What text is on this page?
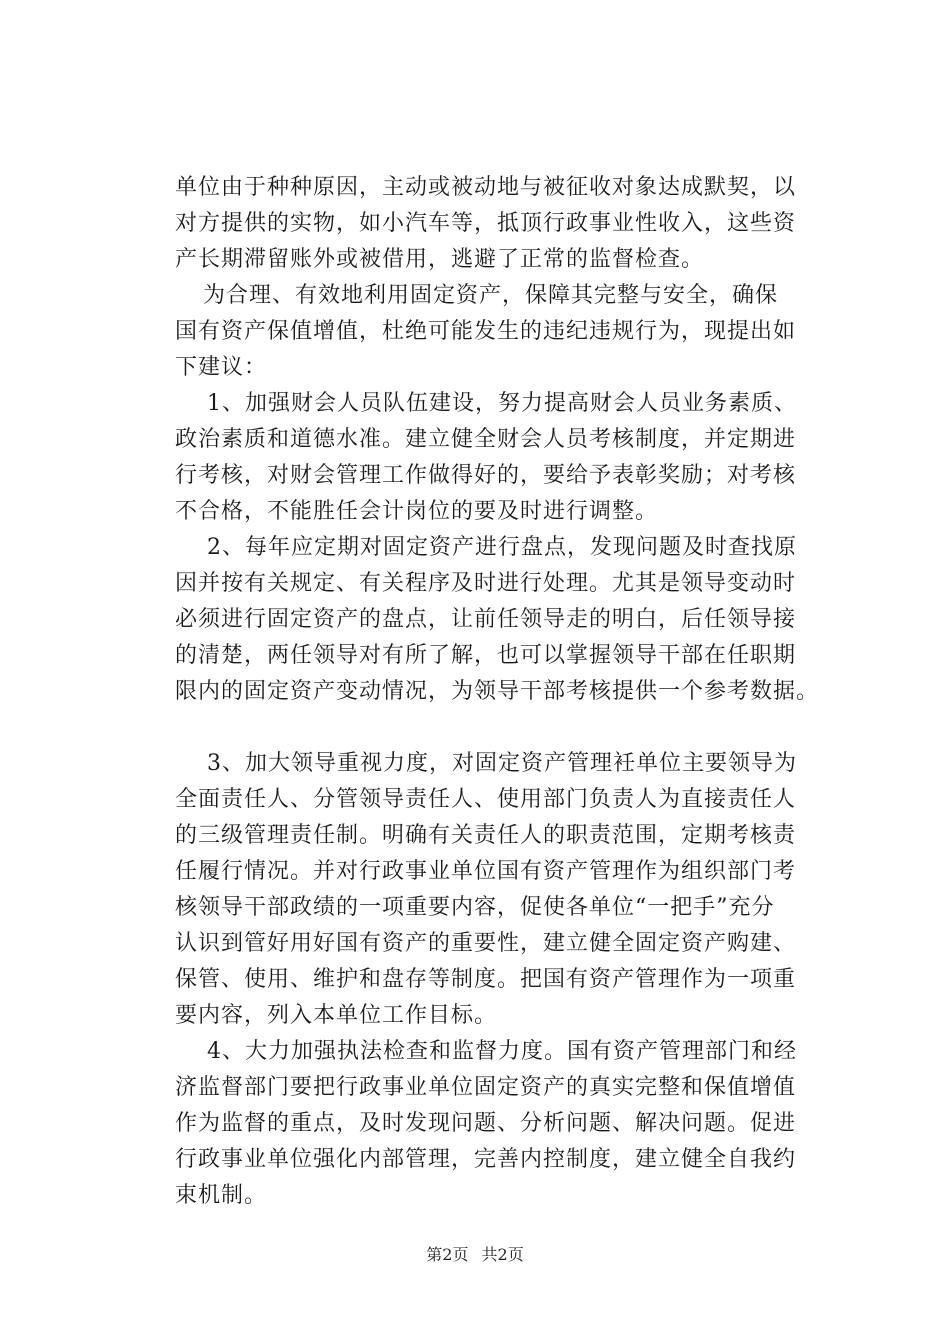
单位由于种种原因，主动或被动地与被征收对象达成默契，以
对方提供的实物，如小汽车等，抵顶行政事业性收入，这些资
产长期滞留账外或被借用，逃避了正常的监督检查。
为合理、有效地利用固定资产，保障其完整与安全，确保
国有资产保值增值，杜绝可能发生的违纪违规行为，现提出如
下建议：
1、加强财会人员队伍建设，努力提高财会人员业务素质、
政治素质和道德水准。建立健全财会人员考核制度，并定期进
行考核，对财会管理工作做得好的，要给予表彰奖励；对考核
不合格，不能胜任会计岗位的要及时进行调整。
2、每年应定期对固定资产进行盘点，发现问题及时查找原
因并按有关规定、有关程序及时进行处理。尤其是领导变动时
必须进行固定资产的盘点，让前任领导走的明白，后任领导接
的清楚，两任领导对有所了解，也可以掌握领导干部在任职期
限内的固定资产变动情况，为领导干部考核提供一个参考数据。
3、加大领导重视力度，对固定资产管理衽单位主要领导为
全面责任人、分管领导责任人、使用部门负责人为直接责任人
的三级管理责任制。明确有关责任人的职责范围，定期考核责
任履行情况。并对行政事业单位国有资产管理作为组织部门考
核领导干部政绩的一项重要内容，促使各单位“一把手”充分
认识到管好用好国有资产的重要性，建立健全固定资产购建、
保管、使用、维护和盘存等制度。把国有资产管理作为一项重
要内容，列入本单位工作目标。
4、大力加强执法检查和监督力度。国有资产管理部门和经
济监督部门要把行政事业单位固定资产的真实完整和保值增值
作为监督的重点，及时发现问题、分析问题、解决问题。促进
行政事业单位强化内部管理，完善内控制度，建立健全自我约
束机制。
第2页 共2页
